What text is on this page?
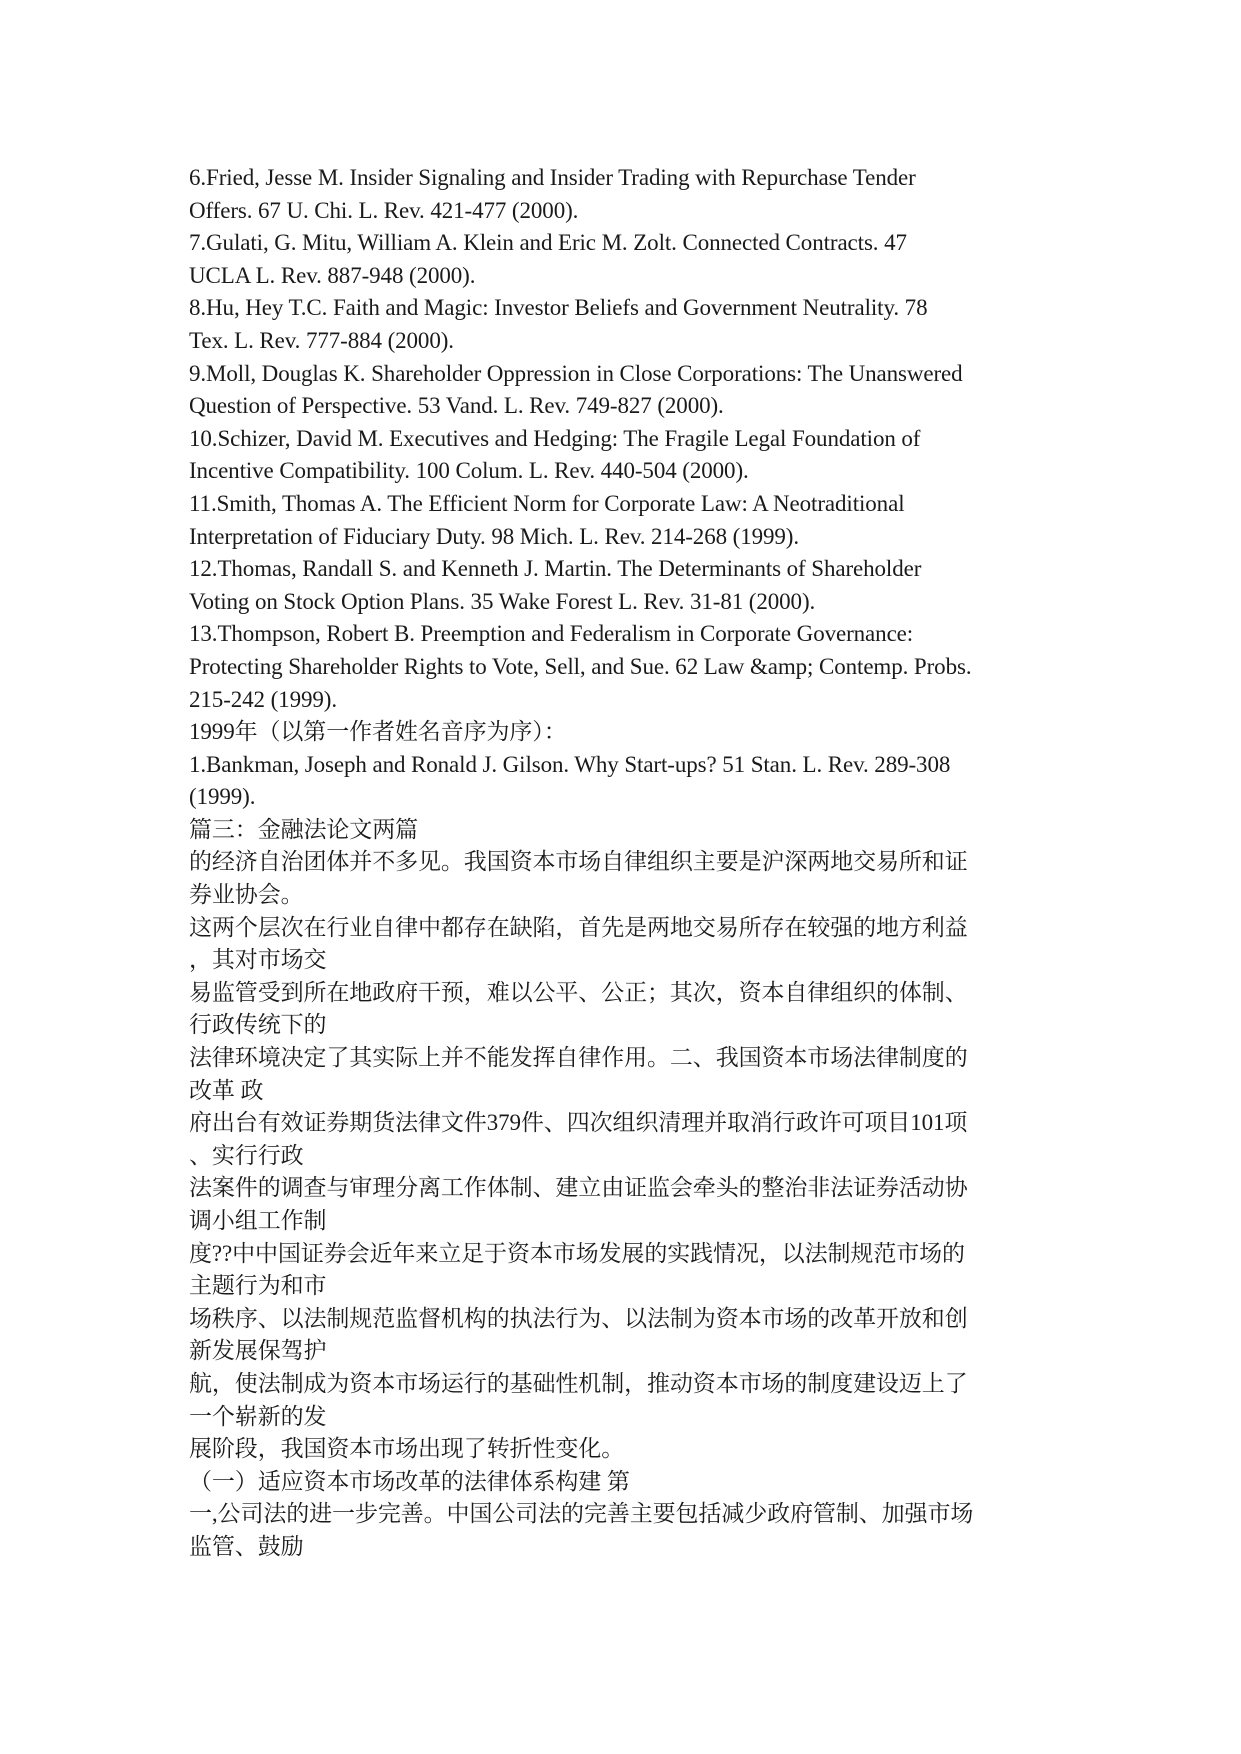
6.Fried, Jesse M. Insider Signaling and Insider Trading with Repurchase Tender
Offers. 67 U. Chi. L. Rev. 421-477 (2000).
7.Gulati, G. Mitu, William A. Klein and Eric M. Zolt. Connected Contracts. 47
UCLA L. Rev. 887-948 (2000).
8.Hu, Hey T.C. Faith and Magic: Investor Beliefs and Government Neutrality. 78
Tex. L. Rev. 777-884 (2000).
9.Moll, Douglas K. Shareholder Oppression in Close Corporations: The Unanswered
Question of Perspective. 53 Vand. L. Rev. 749-827 (2000).
10.Schizer, David M. Executives and Hedging: The Fragile Legal Foundation of
Incentive Compatibility. 100 Colum. L. Rev. 440-504 (2000).
11.Smith, Thomas A. The Efficient Norm for Corporate Law: A Neotraditional
Interpretation of Fiduciary Duty. 98 Mich. L. Rev. 214-268 (1999).
12.Thomas, Randall S. and Kenneth J. Martin. The Determinants of Shareholder
Voting on Stock Option Plans. 35 Wake Forest L. Rev. 31-81 (2000).
13.Thompson, Robert B. Preemption and Federalism in Corporate Governance:
Protecting Shareholder Rights to Vote, Sell, and Sue. 62 Law &amp; Contemp. Probs.
215-242 (1999).
1999年（以第一作者姓名音序为序）：
1.Bankman, Joseph and Ronald J. Gilson. Why Start-ups? 51 Stan. L. Rev. 289-308
(1999).
篇三：金融法论文两篇
的经济自治团体并不多见。我国资本市场自律组织主要是沪深两地交易所和证
券业协会。
这两个层次在行业自律中都存在缺陷，首先是两地交易所存在较强的地方利益
，其对市场交
易监管受到所在地政府干预，难以公平、公正；其次，资本自律组织的体制、
行政传统下的
法律环境决定了其实际上并不能发挥自律作用。二、我国资本市场法律制度的
改革 政
府出台有效证券期货法律文件379件、四次组织清理并取消行政许可项目101项
、实行行政
法案件的调查与审理分离工作体制、建立由证监会牵头的整治非法证券活动协
调小组工作制
度??中中国证券会近年来立足于资本市场发展的实践情况，以法制规范市场的
主题行为和市
场秩序、以法制规范监督机构的执法行为、以法制为资本市场的改革开放和创
新发展保驾护
航，使法制成为资本市场运行的基础性机制，推动资本市场的制度建设迈上了
一个崭新的发
展阶段，我国资本市场出现了转折性变化。
（一）适应资本市场改革的法律体系构建 第
一,公司法的进一步完善。中国公司法的完善主要包括减少政府管制、加强市场
监管、鼓励
